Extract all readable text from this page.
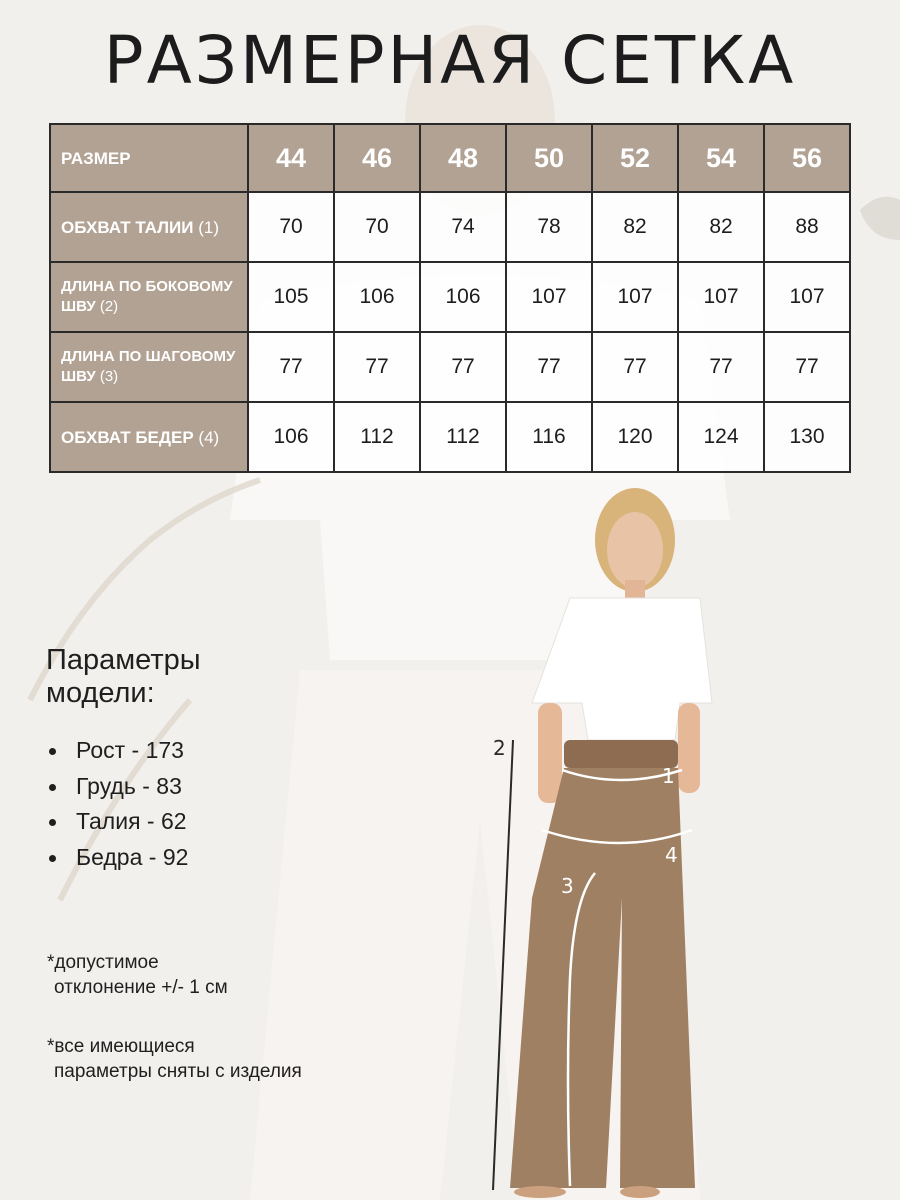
РАЗМЕРНАЯ СЕТКА
РАЗМЕР	44	46	48	50	52	54	56
ОБХВАТ ТАЛИИ (1)	70	70	74	78	82	82	88
ДЛИНА ПО БОКОВОМУ ШВУ (2)	105	106	106	107	107	107	107
ДЛИНА ПО ШАГОВОМУ ШВУ (3)	77	77	77	77	77	77	77
ОБХВАТ БЕДЕР (4)	106	112	112	116	120	124	130
Параметры модели:
Рост - 173
Грудь - 83
Талия - 62
Бедра - 92
*допустимое
отклонение +/- 1 см
*все имеющиеся
параметры сняты с изделия
1
2
3
4
